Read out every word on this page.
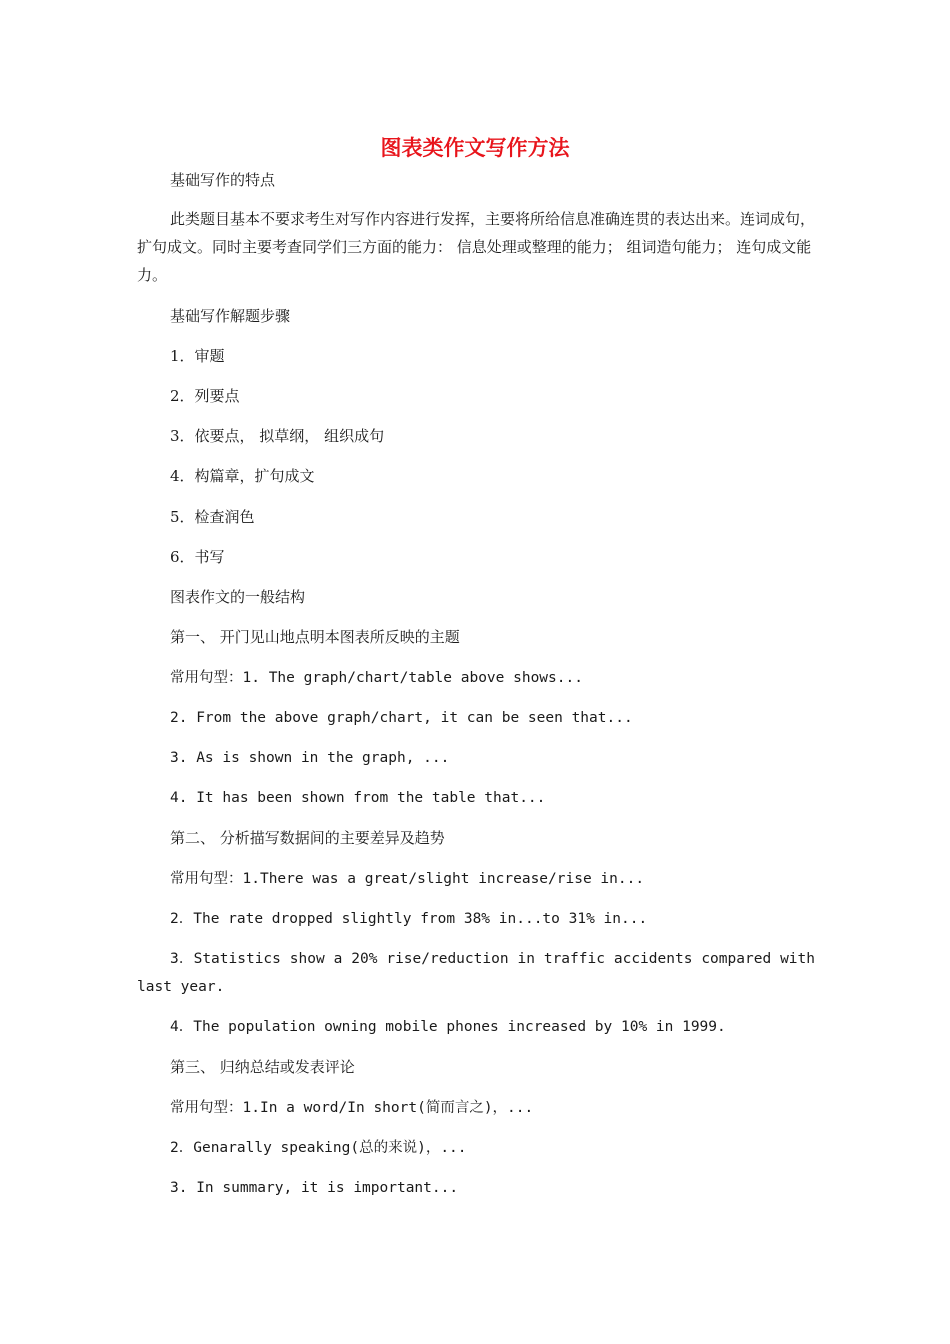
图表类作文写作方法
基础写作的特点
此类题目基本不要求考生对写作内容进行发挥，主要将所给信息准确连贯的表达出来。连词成句，扩句成文。同时主要考查同学们三方面的能力： 信息处理或整理的能力； 组词造句能力； 连句成文能力。
基础写作解题步骤
1．审题
2．列要点
3．依要点， 拟草纲， 组织成句
4．构篇章，扩句成文
5．检查润色
6．书写
图表作文的一般结构
第一、 开门见山地点明本图表所反映的主题
常用句型：1. The graph/chart/table above shows...
2. From the above graph/chart, it can be seen that...
3. As is shown in the graph, ...
4. It has been shown from the table that...
第二、 分析描写数据间的主要差异及趋势
常用句型：1.There was a great/slight increase/rise in...
2．The rate dropped slightly from 38% in...to 31% in...
3．Statistics show a 20% rise/reduction in traffic accidents compared with last year.
4．The population owning mobile phones increased by 10% in 1999.
第三、 归纳总结或发表评论
常用句型：1.In a word/In short(简而言之)，...
2．Genarally speaking(总的来说)，...
3. In summary, it is important...
